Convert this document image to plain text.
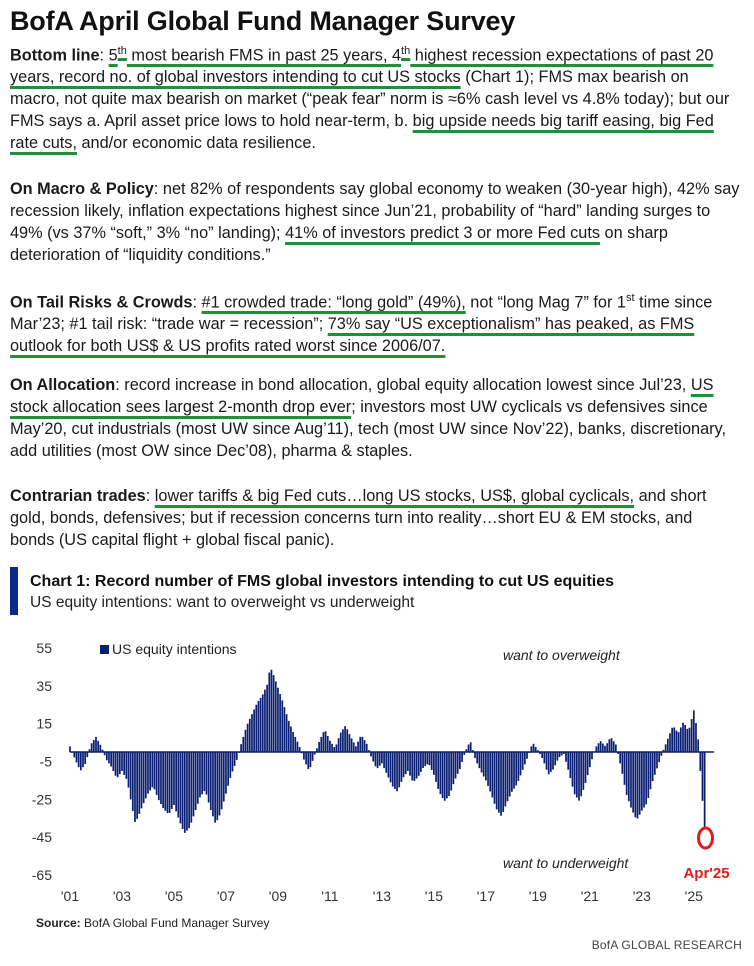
BofA April Global Fund Manager Survey
Bottom line: 5th most bearish FMS in past 25 years, 4th highest recession expectations of past 20 years, record no. of global investors intending to cut US stocks (Chart 1); FMS max bearish on macro, not quite max bearish on market (“peak fear” norm is ≈6% cash level vs 4.8% today); but our FMS says a. April asset price lows to hold near-term, b. big upside needs big tariff easing, big Fed rate cuts, and/or economic data resilience.
On Macro & Policy: net 82% of respondents say global economy to weaken (30-year high), 42% say recession likely, inflation expectations highest since Jun’21, probability of “hard” landing surges to 49% (vs 37% “soft,” 3% “no” landing); 41% of investors predict 3 or more Fed cuts on sharp deterioration of “liquidity conditions.”
On Tail Risks & Crowds: #1 crowded trade: “long gold” (49%), not “long Mag 7” for 1st time since Mar’23; #1 tail risk: “trade war = recession”; 73% say “US exceptionalism” has peaked, as FMS outlook for both US$ & US profits rated worst since 2006/07.
On Allocation: record increase in bond allocation, global equity allocation lowest since Jul’23, US stock allocation sees largest 2-month drop ever; investors most UW cyclicals vs defensives since May’20, cut industrials (most UW since Aug’11), tech (most UW since Nov’22), banks, discretionary, add utilities (most OW since Dec’08), pharma & staples.
Contrarian trades: lower tariffs & big Fed cuts…long US stocks, US$, global cyclicals, and short gold, bonds, defensives; but if recession concerns turn into reality…short EU & EM stocks, and bonds (US capital flight + global fiscal panic).
Chart 1: Record number of FMS global investors intending to cut US equities
US equity intentions: want to overweight vs underweight
55
35
15
-5
-25
-45
-65
'01 '03 '05 '07 '09 '11 '13 '15 '17 '19 '21 '23 '25
US equity intentions	want to overweight
want to underweight
Apr'25
Source: BofA Global Fund Manager Survey
BofA GLOBAL RESEARCH
